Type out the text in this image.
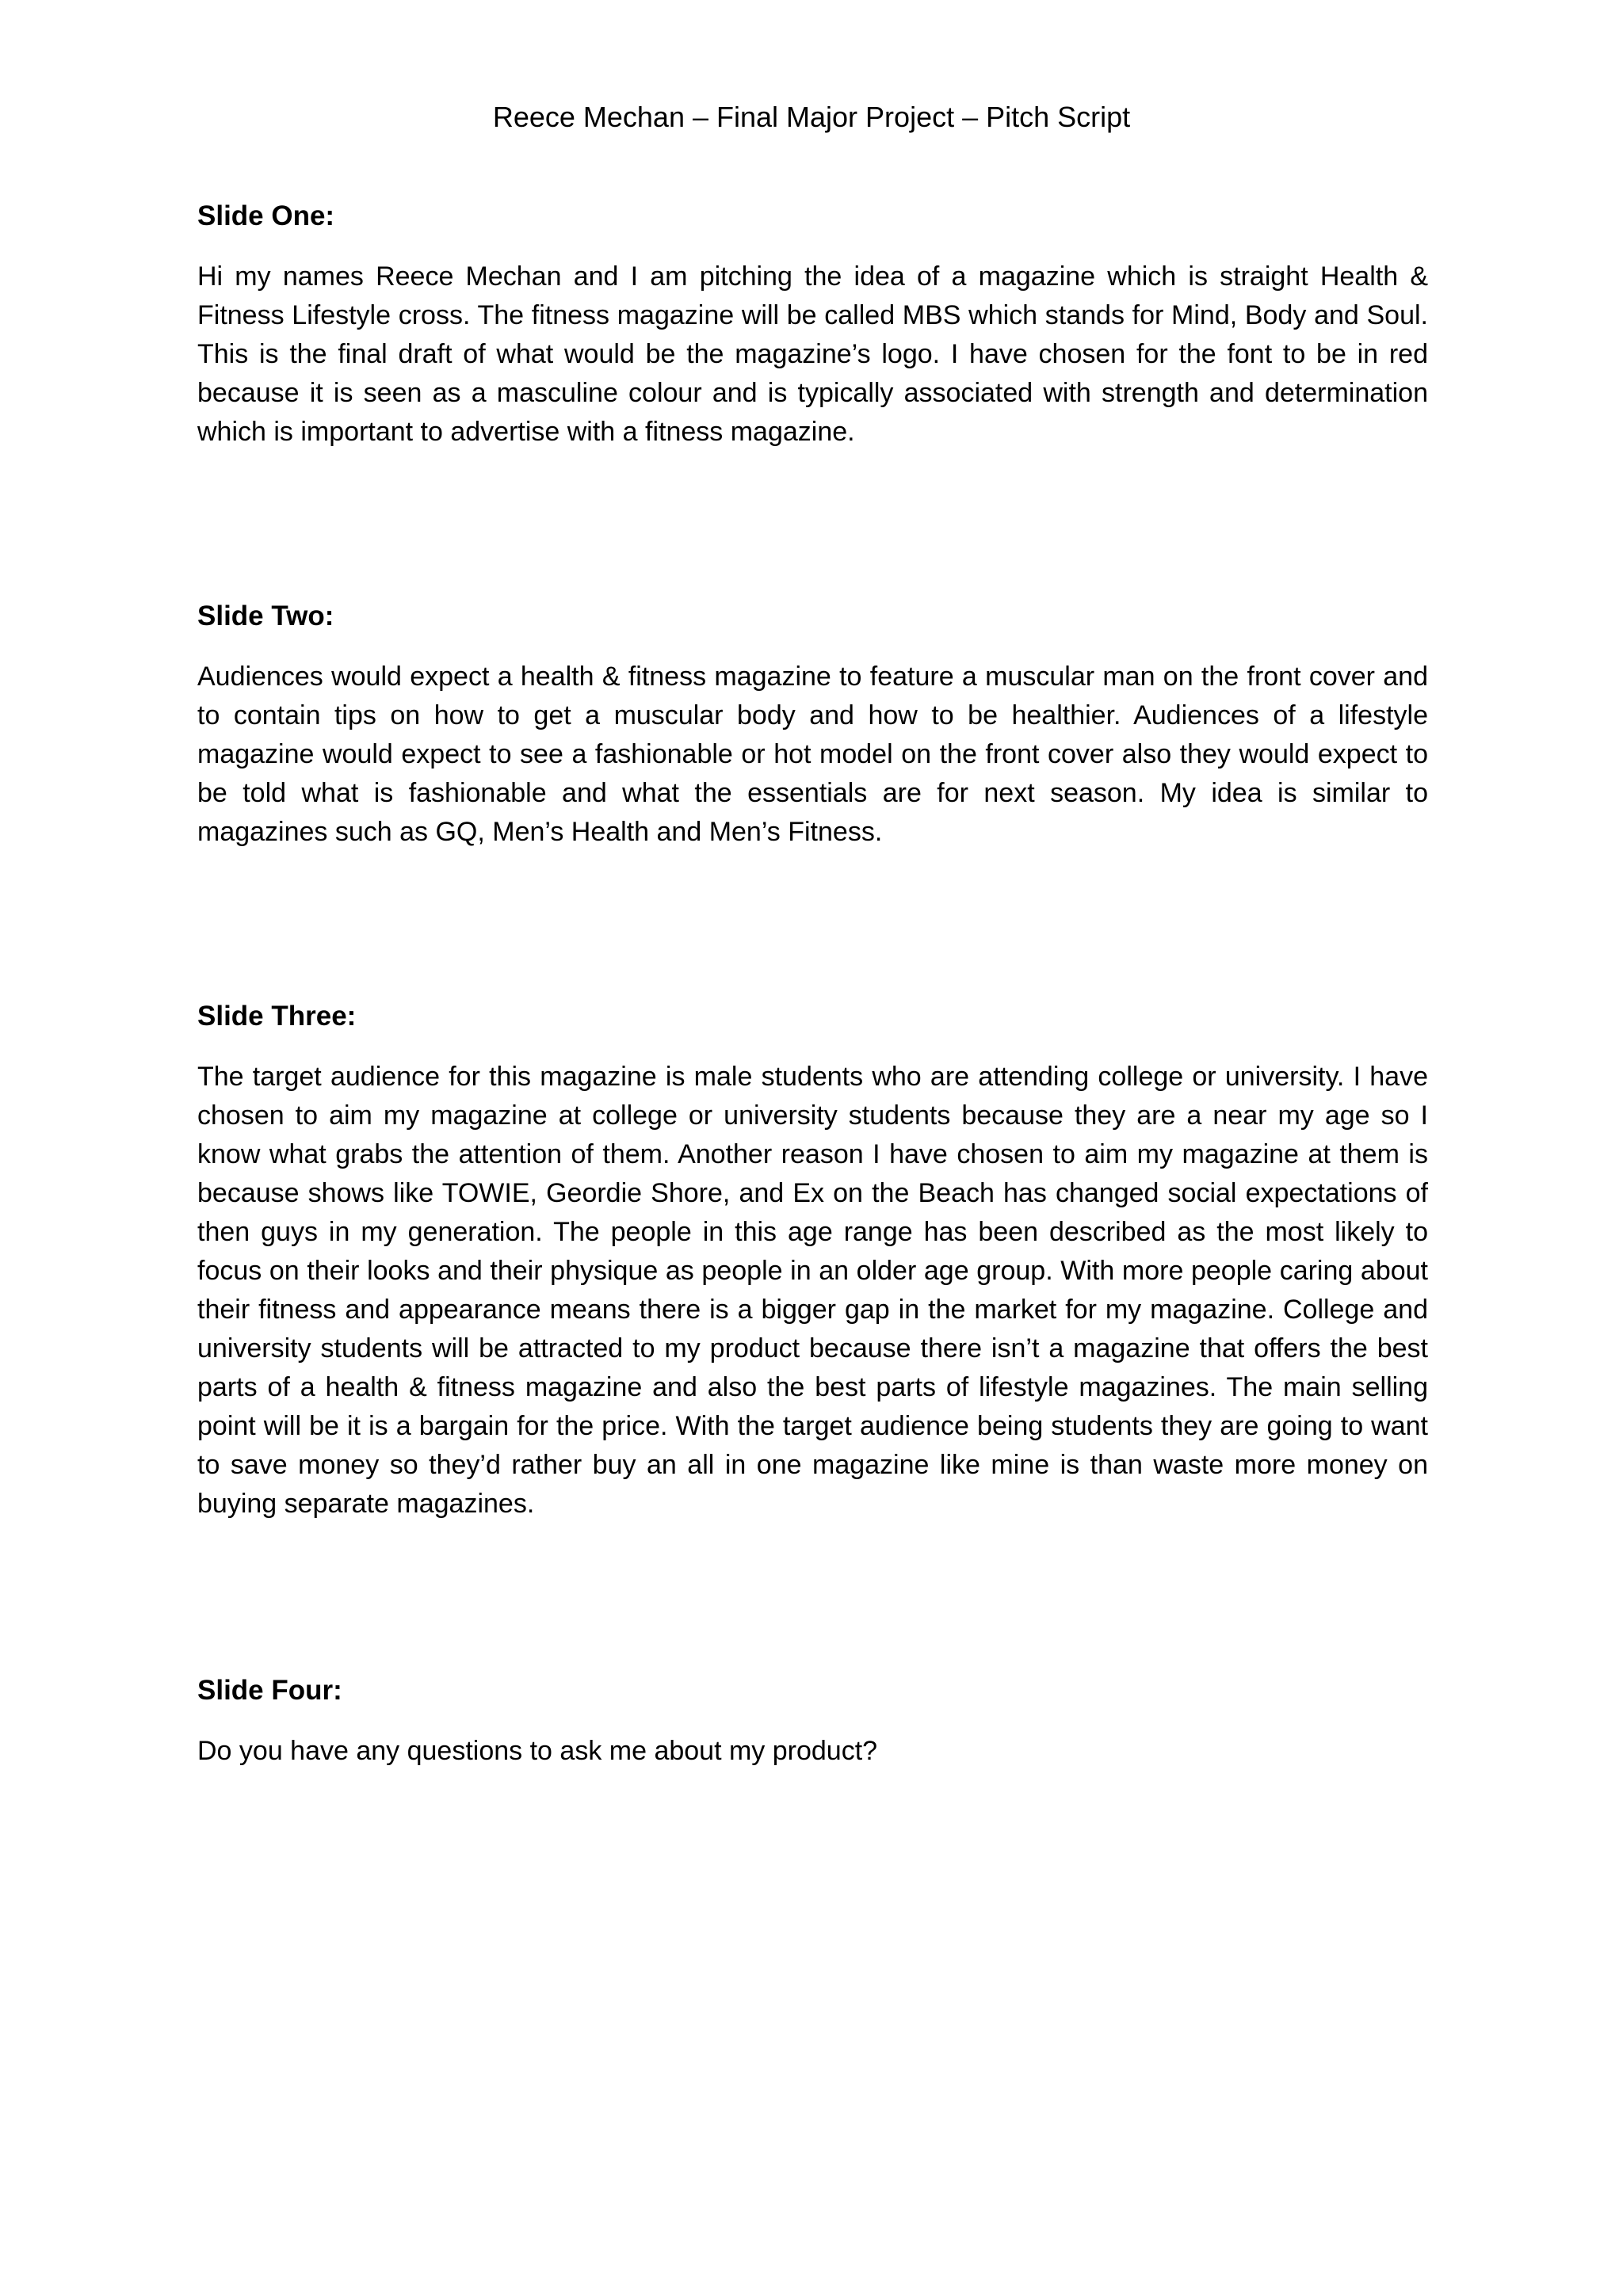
Reece Mechan – Final Major Project – Pitch Script

Slide One:

Hi my names Reece Mechan and I am pitching the idea of a magazine which is straight Health & Fitness Lifestyle cross. The fitness magazine will be called MBS which stands for Mind, Body and Soul. This is the final draft of what would be the magazine’s logo. I have chosen for the font to be in red because it is seen as a masculine colour and is typically associated with strength and determination which is important to advertise with a fitness magazine.

Slide Two:

Audiences would expect a health & fitness magazine to feature a muscular man on the front cover and to contain tips on how to get a muscular body and how to be healthier. Audiences of a lifestyle magazine would expect to see a fashionable or hot model on the front cover also they would expect to be told what is fashionable and what the essentials are for next season. My idea is similar to magazines such as GQ, Men’s Health and Men’s Fitness.

Slide Three:

The target audience for this magazine is male students who are attending college or university. I have chosen to aim my magazine at college or university students because they are a near my age so I know what grabs the attention of them. Another reason I have chosen to aim my magazine at them is because shows like TOWIE, Geordie Shore, and Ex on the Beach has changed social expectations of then guys in my generation. The people in this age range has been described as the most likely to focus on their looks and their physique as people in an older age group. With more people caring about their fitness and appearance means there is a bigger gap in the market for my magazine. College and university students will be attracted to my product because there isn’t a magazine that offers the best parts of a health & fitness magazine and also the best parts of lifestyle magazines. The main selling point will be it is a bargain for the price. With the target audience being students they are going to want to save money so they’d rather buy an all in one magazine like mine is than waste more money on buying separate magazines.

Slide Four:

Do you have any questions to ask me about my product?
